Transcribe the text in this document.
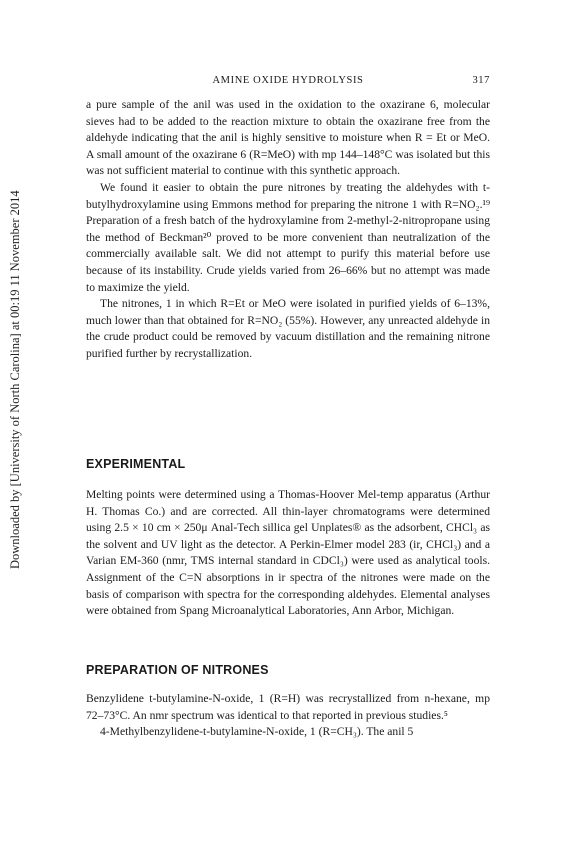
Downloaded by [University of North Carolina] at 00:19 11 November 2014
AMINE OXIDE HYDROLYSIS	317

a pure sample of the anil was used in the oxidation to the oxazirane 6, molecular sieves had to be added to the reaction mixture to obtain the oxazirane free from the aldehyde indicating that the anil is highly sensitive to moisture when R = Et or MeO. A small amount of the oxazirane 6 (R=MeO) with mp 144–148°C was isolated but this was not sufficient material to continue with this synthetic approach.

We found it easier to obtain the pure nitrones by treating the aldehydes with t-butylhydroxylamine using Emmons method for preparing the nitrone 1 with R=NO₂.¹⁹ Preparation of a fresh batch of the hydroxylamine from 2-methyl-2-nitropropane using the method of Beckman²⁰ proved to be more convenient than neutralization of the commercially available salt. We did not attempt to purify this material before use because of its instability. Crude yields varied from 26–66% but no attempt was made to maximize the yield.

The nitrones, 1 in which R=Et or MeO were isolated in purified yields of 6–13%, much lower than that obtained for R=NO₂ (55%). However, any unreacted aldehyde in the crude product could be removed by vacuum distillation and the remaining nitrone purified further by recrystallization.

EXPERIMENTAL

Melting points were determined using a Thomas-Hoover Mel-temp apparatus (Arthur H. Thomas Co.) and are corrected. All thin-layer chromatograms were determined using 2.5 × 10 cm × 250μ Anal-Tech sillica gel Unplates® as the adsorbent, CHCl₃ as the solvent and UV light as the detector. A Perkin-Elmer model 283 (ir, CHCl₃) and a Varian EM-360 (nmr, TMS internal standard in CDCl₃) were used as analytical tools. Assignment of the C=N absorptions in ir spectra of the nitrones were made on the basis of comparison with spectra for the corresponding aldehydes. Elemental analyses were obtained from Spang Microanalytical Laboratories, Ann Arbor, Michigan.

PREPARATION OF NITRONES

Benzylidene t-butylamine-N-oxide, 1 (R=H) was recrystallized from n-hexane, mp 72–73°C. An nmr spectrum was identical to that reported in previous studies.⁵

4-Methylbenzylidene-t-butylamine-N-oxide, 1 (R=CH₃). The anil 5
